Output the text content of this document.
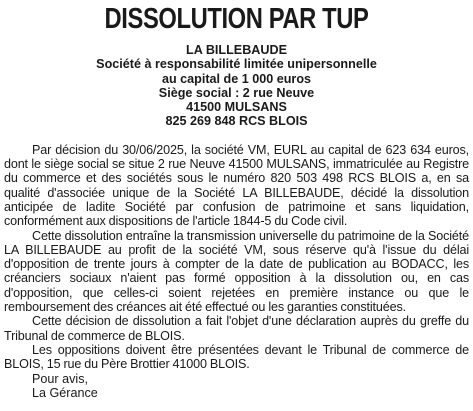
DISSOLUTION PAR TUP
LA BILLEBAUDE
Société à responsabilité limitée unipersonnelle
au capital de 1 000 euros
Siège social : 2 rue Neuve
41500 MULSANS
825 269 848 RCS BLOIS

Par décision du 30/06/2025, la société VM, EURL au capital de 623 634 euros, dont le siège social se situe 2 rue Neuve 41500 MULSANS, immatriculée au Registre du commerce et des sociétés sous le numéro 820 503 498 RCS BLOIS a, en sa qualité d'associée unique de la Société LA BILLEBAUDE, décidé la dissolution anticipée de ladite Société par confusion de patrimoine et sans liquidation, conformément aux dispositions de l'article 1844-5 du Code civil.

Cette dissolution entraîne la transmission universelle du patrimoine de la Société LA BILLEBAUDE au profit de la société VM, sous réserve qu'à l'issue du délai d'opposition de trente jours à compter de la date de publication au BODACC, les créanciers sociaux n'aient pas formé opposition à la dissolution ou, en cas d'opposition, que celles-ci soient rejetées en première instance ou que le remboursement des créances ait été effectué ou les garanties constituées.

Cette décision de dissolution a fait l'objet d'une déclaration auprès du greffe du Tribunal de commerce de BLOIS.

Les oppositions doivent être présentées devant le Tribunal de commerce de BLOIS, 15 rue du Père Brottier 41000 BLOIS.

Pour avis,
La Gérance
